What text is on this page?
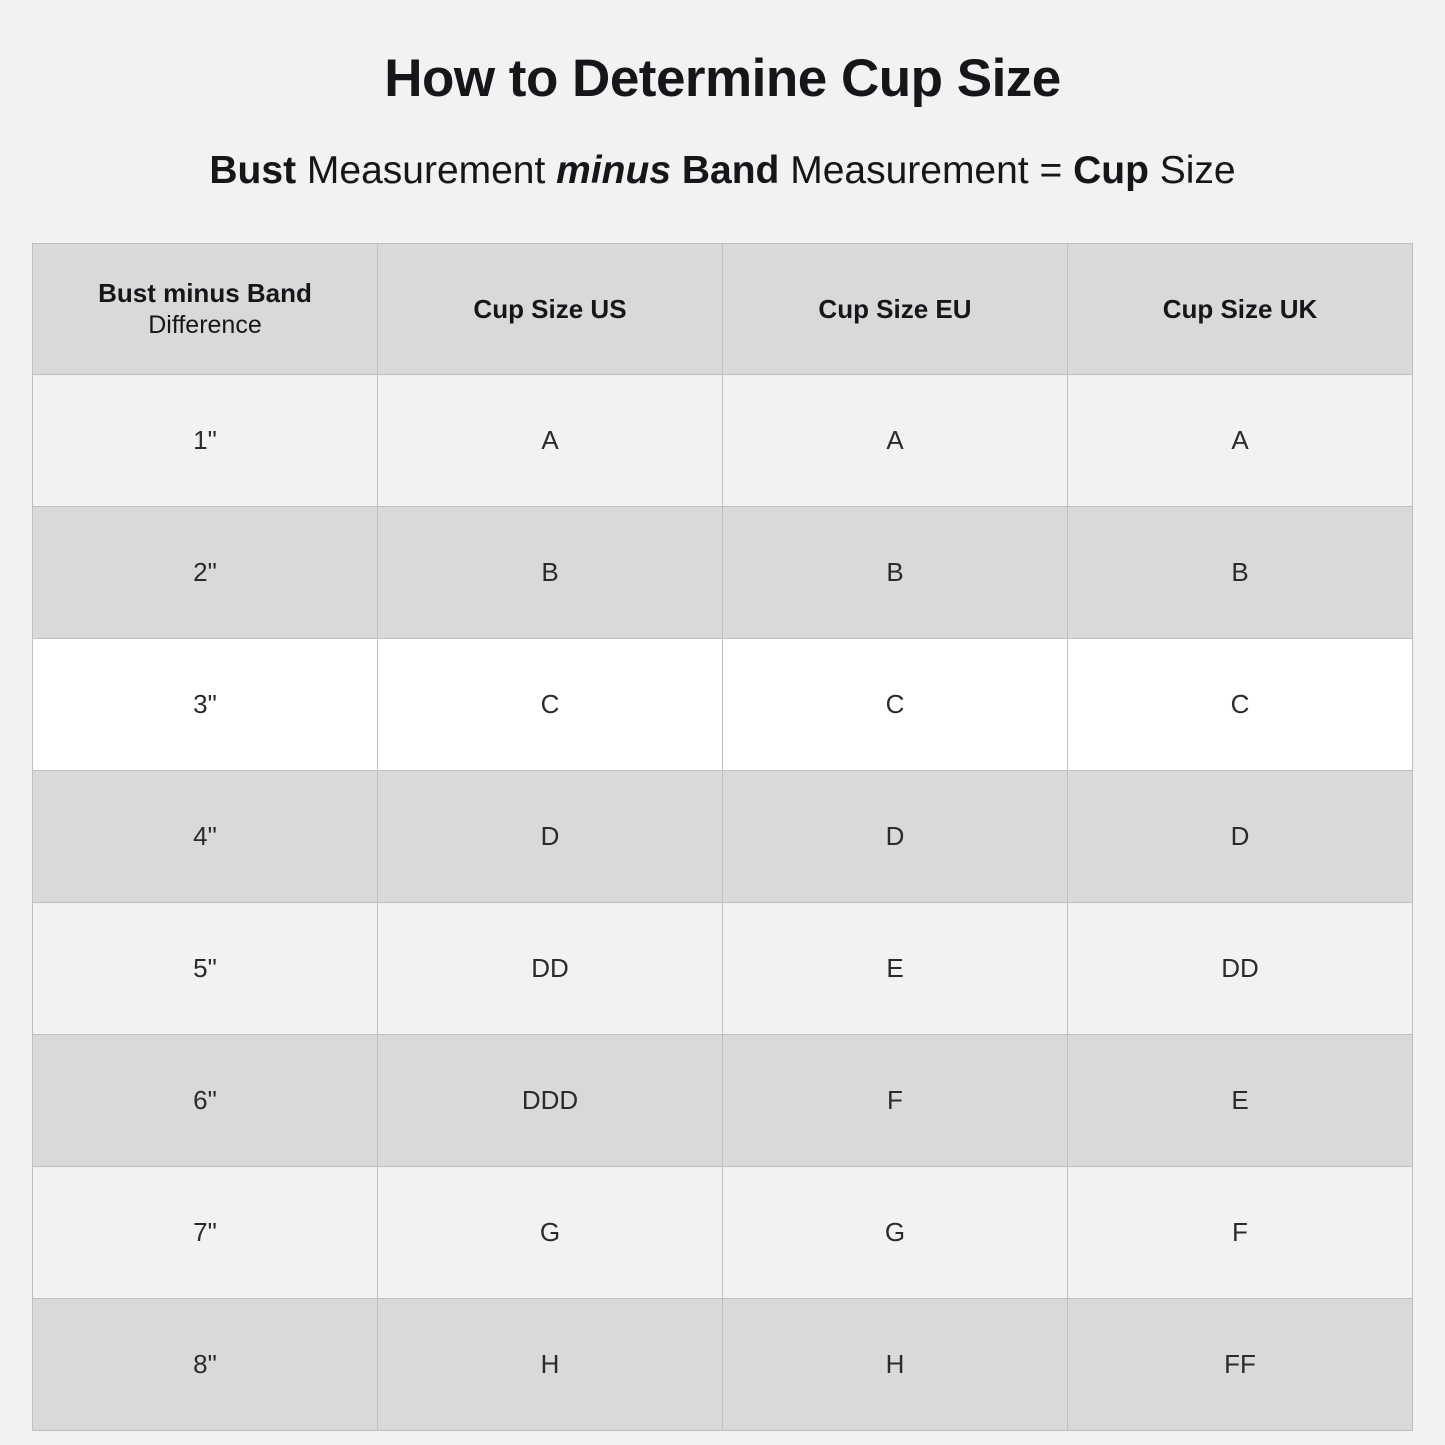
How to Determine Cup Size
Bust Measurement minus Band Measurement = Cup Size
Bust minus Band
Difference	Cup Size US	Cup Size EU	Cup Size UK

1"	A	A	A
2"	B	B	B
3"	C	C	C
4"	D	D	D
5"	DD	E	DD
6"	DDD	F	E
7"	G	G	F
8"	H	H	FF
